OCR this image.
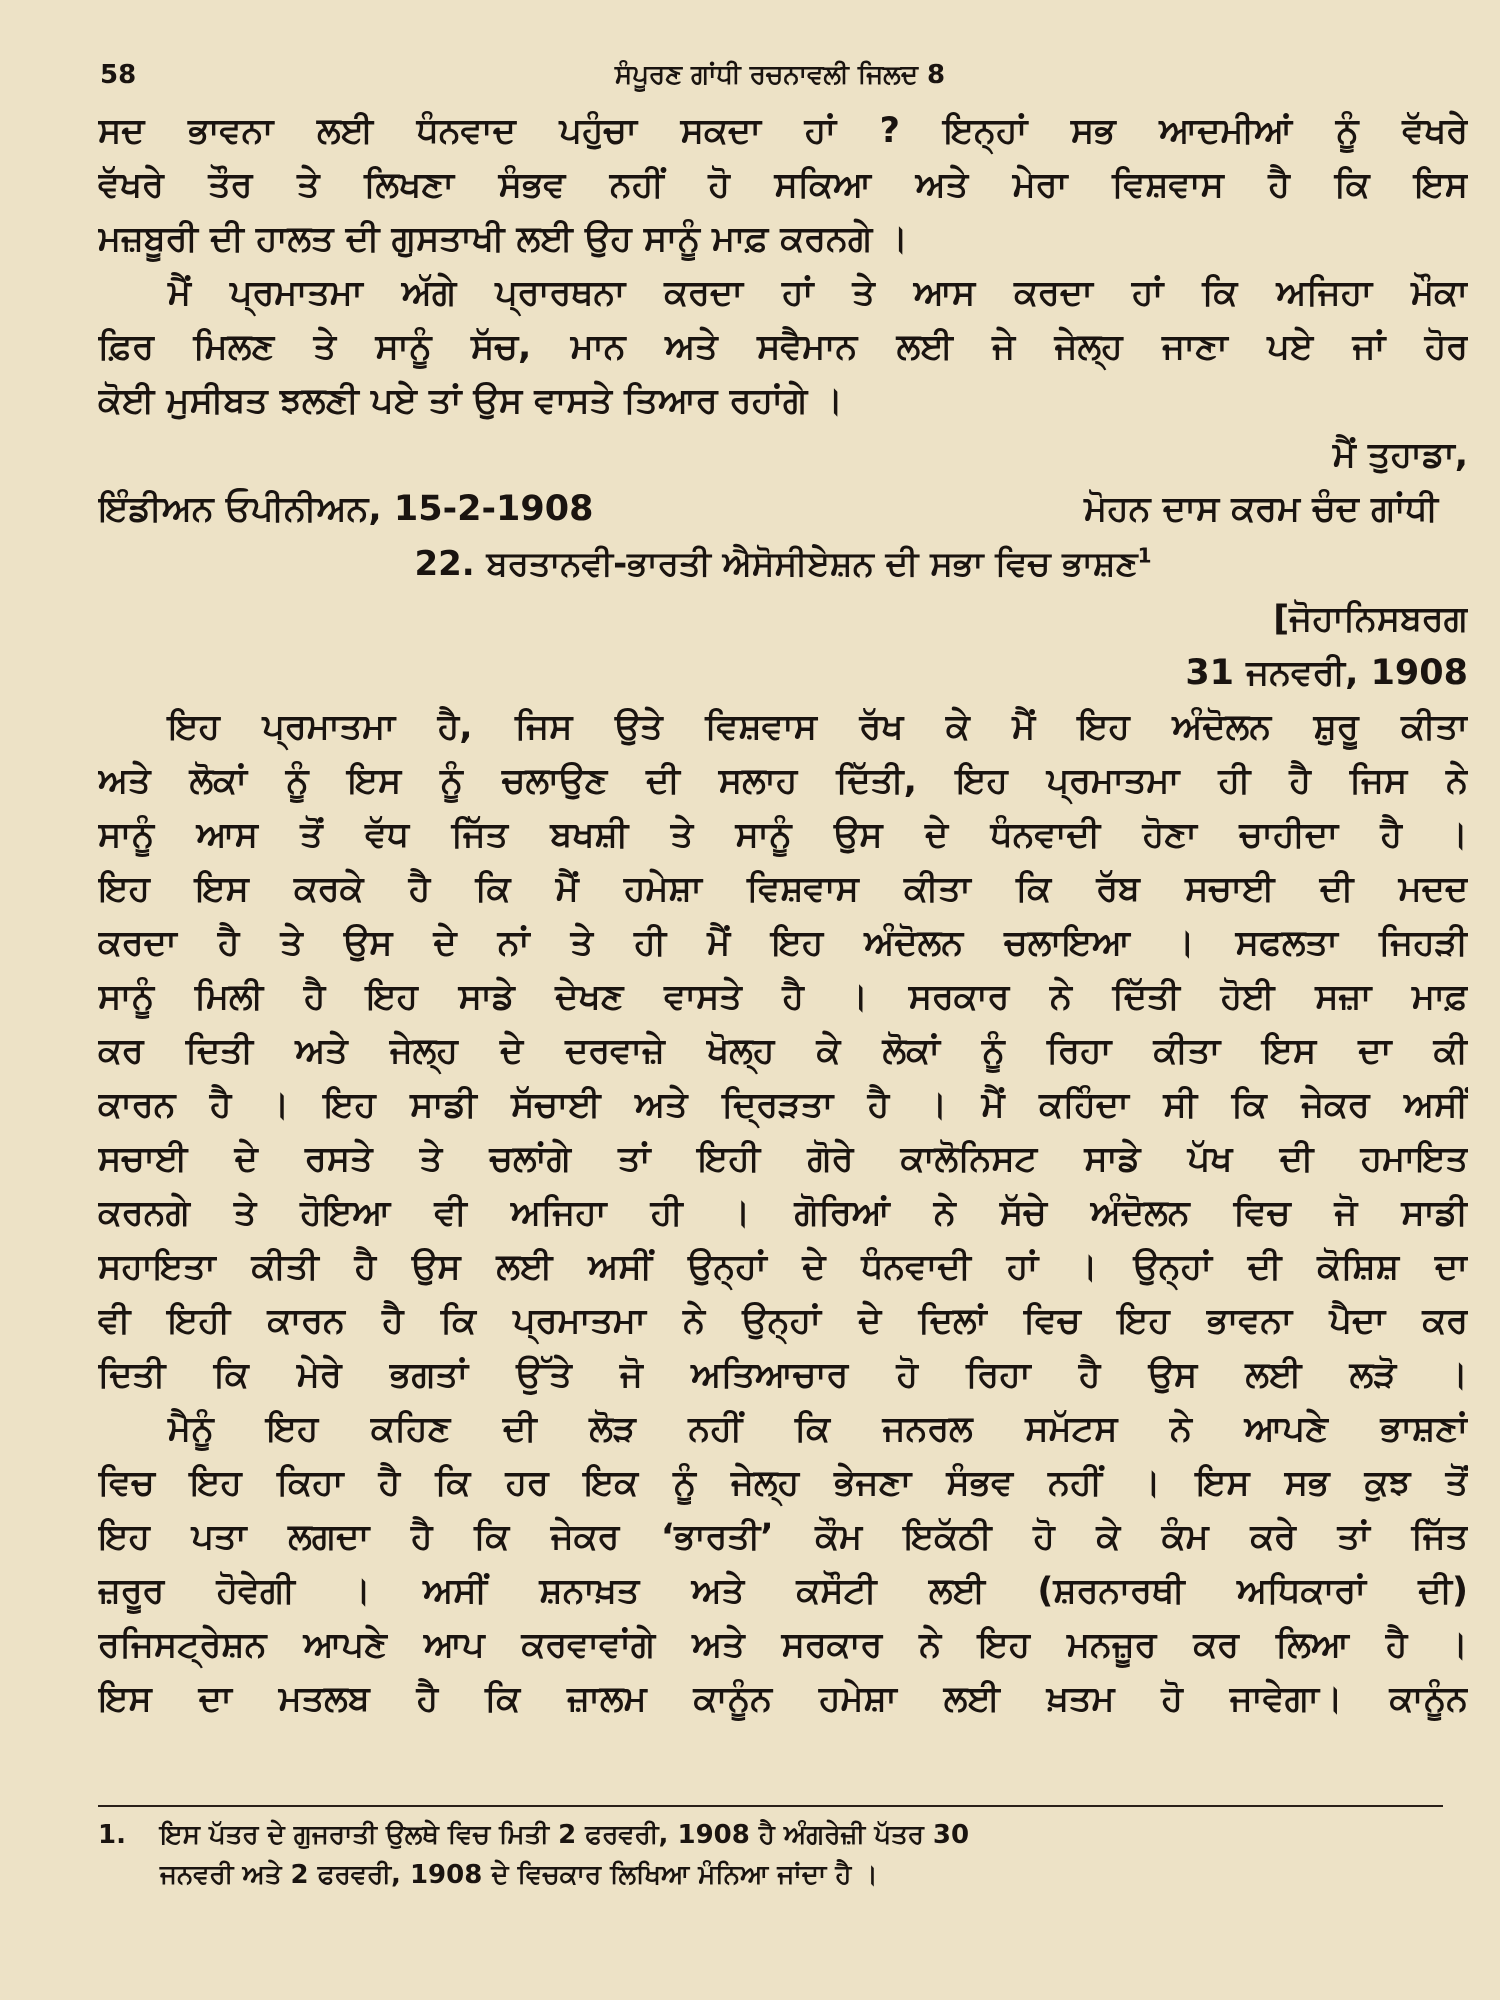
58	ਸੰਪੂਰਣ ਗਾਂਧੀ ਰਚਨਾਵਲੀ ਜਿਲਦ 8
ਸਦ ਭਾਵਨਾ ਲਈ ਧੰਨਵਾਦ ਪਹੁੰਚਾ ਸਕਦਾ ਹਾਂ ? ਇਨ੍ਹਾਂ ਸਭ ਆਦਮੀਆਂ ਨੂੰ ਵੱਖਰੇ
ਵੱਖਰੇ ਤੌਰ ਤੇ ਲਿਖਣਾ ਸੰਭਵ ਨਹੀਂ ਹੋ ਸਕਿਆ ਅਤੇ ਮੇਰਾ ਵਿਸ਼ਵਾਸ ਹੈ ਕਿ ਇਸ
ਮਜ਼ਬੂਰੀ ਦੀ ਹਾਲਤ ਦੀ ਗੁਸਤਾਖੀ ਲਈ ਉਹ ਸਾਨੂੰ ਮਾਫ਼ ਕਰਨਗੇ ।
ਮੈਂ ਪ੍ਰਮਾਤਮਾ ਅੱਗੇ ਪ੍ਰਾਰਥਨਾ ਕਰਦਾ ਹਾਂ ਤੇ ਆਸ ਕਰਦਾ ਹਾਂ ਕਿ ਅਜਿਹਾ ਮੌਕਾ
ਫ਼ਿਰ ਮਿਲਣ ਤੇ ਸਾਨੂੰ ਸੱਚ, ਮਾਨ ਅਤੇ ਸਵੈਮਾਨ ਲਈ ਜੇ ਜੇਲ੍ਹ ਜਾਣਾ ਪਏ ਜਾਂ ਹੋਰ
ਕੋਈ ਮੁਸੀਬਤ ਝਲਣੀ ਪਏ ਤਾਂ ਉਸ ਵਾਸਤੇ ਤਿਆਰ ਰਹਾਂਗੇ ।
ਮੈਂ ਤੁਹਾਡਾ,
ਇੰਡੀਅਨ ਓਪੀਨੀਅਨ, 15-2-1908	ਮੋਹਨ ਦਾਸ ਕਰਮ ਚੰਦ ਗਾਂਧੀ
22. ਬਰਤਾਨਵੀ-ਭਾਰਤੀ ਐਸੋਸੀਏਸ਼ਨ ਦੀ ਸਭਾ ਵਿਚ ਭਾਸ਼ਣ$^1$
[ਜੋਹਾਨਿਸਬਰਗ
31 ਜਨਵਰੀ, 1908
ਇਹ ਪ੍ਰਮਾਤਮਾ ਹੈ, ਜਿਸ ਉਤੇ ਵਿਸ਼ਵਾਸ ਰੱਖ ਕੇ ਮੈਂ ਇਹ ਅੰਦੋਲਨ ਸ਼ੁਰੂ ਕੀਤਾ
ਅਤੇ ਲੋਕਾਂ ਨੂੰ ਇਸ ਨੂੰ ਚਲਾਉਣ ਦੀ ਸਲਾਹ ਦਿੱਤੀ, ਇਹ ਪ੍ਰਮਾਤਮਾ ਹੀ ਹੈ ਜਿਸ ਨੇ
ਸਾਨੂੰ ਆਸ ਤੋਂ ਵੱਧ ਜਿੱਤ ਬਖਸ਼ੀ ਤੇ ਸਾਨੂੰ ਉਸ ਦੇ ਧੰਨਵਾਦੀ ਹੋਣਾ ਚਾਹੀਦਾ ਹੈ ।
ਇਹ ਇਸ ਕਰਕੇ ਹੈ ਕਿ ਮੈਂ ਹਮੇਸ਼ਾ ਵਿਸ਼ਵਾਸ ਕੀਤਾ ਕਿ ਰੱਬ ਸਚਾਈ ਦੀ ਮਦਦ
ਕਰਦਾ ਹੈ ਤੇ ਉਸ ਦੇ ਨਾਂ ਤੇ ਹੀ ਮੈਂ ਇਹ ਅੰਦੋਲਨ ਚਲਾਇਆ । ਸਫਲਤਾ ਜਿਹੜੀ
ਸਾਨੂੰ ਮਿਲੀ ਹੈ ਇਹ ਸਾਡੇ ਦੇਖਣ ਵਾਸਤੇ ਹੈ । ਸਰਕਾਰ ਨੇ ਦਿੱਤੀ ਹੋਈ ਸਜ਼ਾ ਮਾਫ਼
ਕਰ ਦਿਤੀ ਅਤੇ ਜੇਲ੍ਹ ਦੇ ਦਰਵਾਜ਼ੇ ਖੋਲ੍ਹ ਕੇ ਲੋਕਾਂ ਨੂੰ ਰਿਹਾ ਕੀਤਾ ਇਸ ਦਾ ਕੀ
ਕਾਰਨ ਹੈ । ਇਹ ਸਾਡੀ ਸੱਚਾਈ ਅਤੇ ਦ੍ਰਿੜਤਾ ਹੈ । ਮੈਂ ਕਹਿੰਦਾ ਸੀ ਕਿ ਜੇਕਰ ਅਸੀਂ
ਸਚਾਈ ਦੇ ਰਸਤੇ ਤੇ ਚਲਾਂਗੇ ਤਾਂ ਇਹੀ ਗੋਰੇ ਕਾਲੋਨਿਸਟ ਸਾਡੇ ਪੱਖ ਦੀ ਹਮਾਇਤ
ਕਰਨਗੇ ਤੇ ਹੋਇਆ ਵੀ ਅਜਿਹਾ ਹੀ । ਗੋਰਿਆਂ ਨੇ ਸੱਚੇ ਅੰਦੋਲਨ ਵਿਚ ਜੋ ਸਾਡੀ
ਸਹਾਇਤਾ ਕੀਤੀ ਹੈ ਉਸ ਲਈ ਅਸੀਂ ਉਨ੍ਹਾਂ ਦੇ ਧੰਨਵਾਦੀ ਹਾਂ । ਉਨ੍ਹਾਂ ਦੀ ਕੋਸ਼ਿਸ਼ ਦਾ
ਵੀ ਇਹੀ ਕਾਰਨ ਹੈ ਕਿ ਪ੍ਰਮਾਤਮਾ ਨੇ ਉਨ੍ਹਾਂ ਦੇ ਦਿਲਾਂ ਵਿਚ ਇਹ ਭਾਵਨਾ ਪੈਦਾ ਕਰ
ਦਿਤੀ ਕਿ ਮੇਰੇ ਭਗਤਾਂ ਉੱਤੇ ਜੋ ਅਤਿਆਚਾਰ ਹੋ ਰਿਹਾ ਹੈ ਉਸ ਲਈ ਲੜੋ ।
ਮੈਨੂੰ ਇਹ ਕਹਿਣ ਦੀ ਲੋੜ ਨਹੀਂ ਕਿ ਜਨਰਲ ਸਮੱਟਸ ਨੇ ਆਪਣੇ ਭਾਸ਼ਣਾਂ
ਵਿਚ ਇਹ ਕਿਹਾ ਹੈ ਕਿ ਹਰ ਇਕ ਨੂੰ ਜੇਲ੍ਹ ਭੇਜਣਾ ਸੰਭਵ ਨਹੀਂ । ਇਸ ਸਭ ਕੁਝ ਤੋਂ
ਇਹ ਪਤਾ ਲਗਦਾ ਹੈ ਕਿ ਜੇਕਰ ‘ਭਾਰਤੀ’ ਕੌਮ ਇਕੱਠੀ ਹੋ ਕੇ ਕੰਮ ਕਰੇ ਤਾਂ ਜਿੱਤ
ਜ਼ਰੂਰ ਹੋਵੇਗੀ । ਅਸੀਂ ਸ਼ਨਾਖ਼ਤ ਅਤੇ ਕਸੌਟੀ ਲਈ (ਸ਼ਰਨਾਰਥੀ ਅਧਿਕਾਰਾਂ ਦੀ)
ਰਜਿਸਟ੍ਰੇਸ਼ਨ ਆਪਣੇ ਆਪ ਕਰਵਾਵਾਂਗੇ ਅਤੇ ਸਰਕਾਰ ਨੇ ਇਹ ਮਨਜ਼ੂਰ ਕਰ ਲਿਆ ਹੈ ।
ਇਸ ਦਾ ਮਤਲਬ ਹੈ ਕਿ ਜ਼ਾਲਮ ਕਾਨੂੰਨ ਹਮੇਸ਼ਾ ਲਈ ਖ਼ਤਮ ਹੋ ਜਾਵੇਗਾ। ਕਾਨੂੰਨ
1. ਇਸ ਪੱਤਰ ਦੇ ਗੁਜਰਾਤੀ ਉਲਥੇ ਵਿਚ ਮਿਤੀ 2 ਫਰਵਰੀ, 1908 ਹੈ ਅੰਗਰੇਜ਼ੀ ਪੱਤਰ 30
ਜਨਵਰੀ ਅਤੇ 2 ਫਰਵਰੀ, 1908 ਦੇ ਵਿਚਕਾਰ ਲਿਖਿਆ ਮੰਨਿਆ ਜਾਂਦਾ ਹੈ ।
